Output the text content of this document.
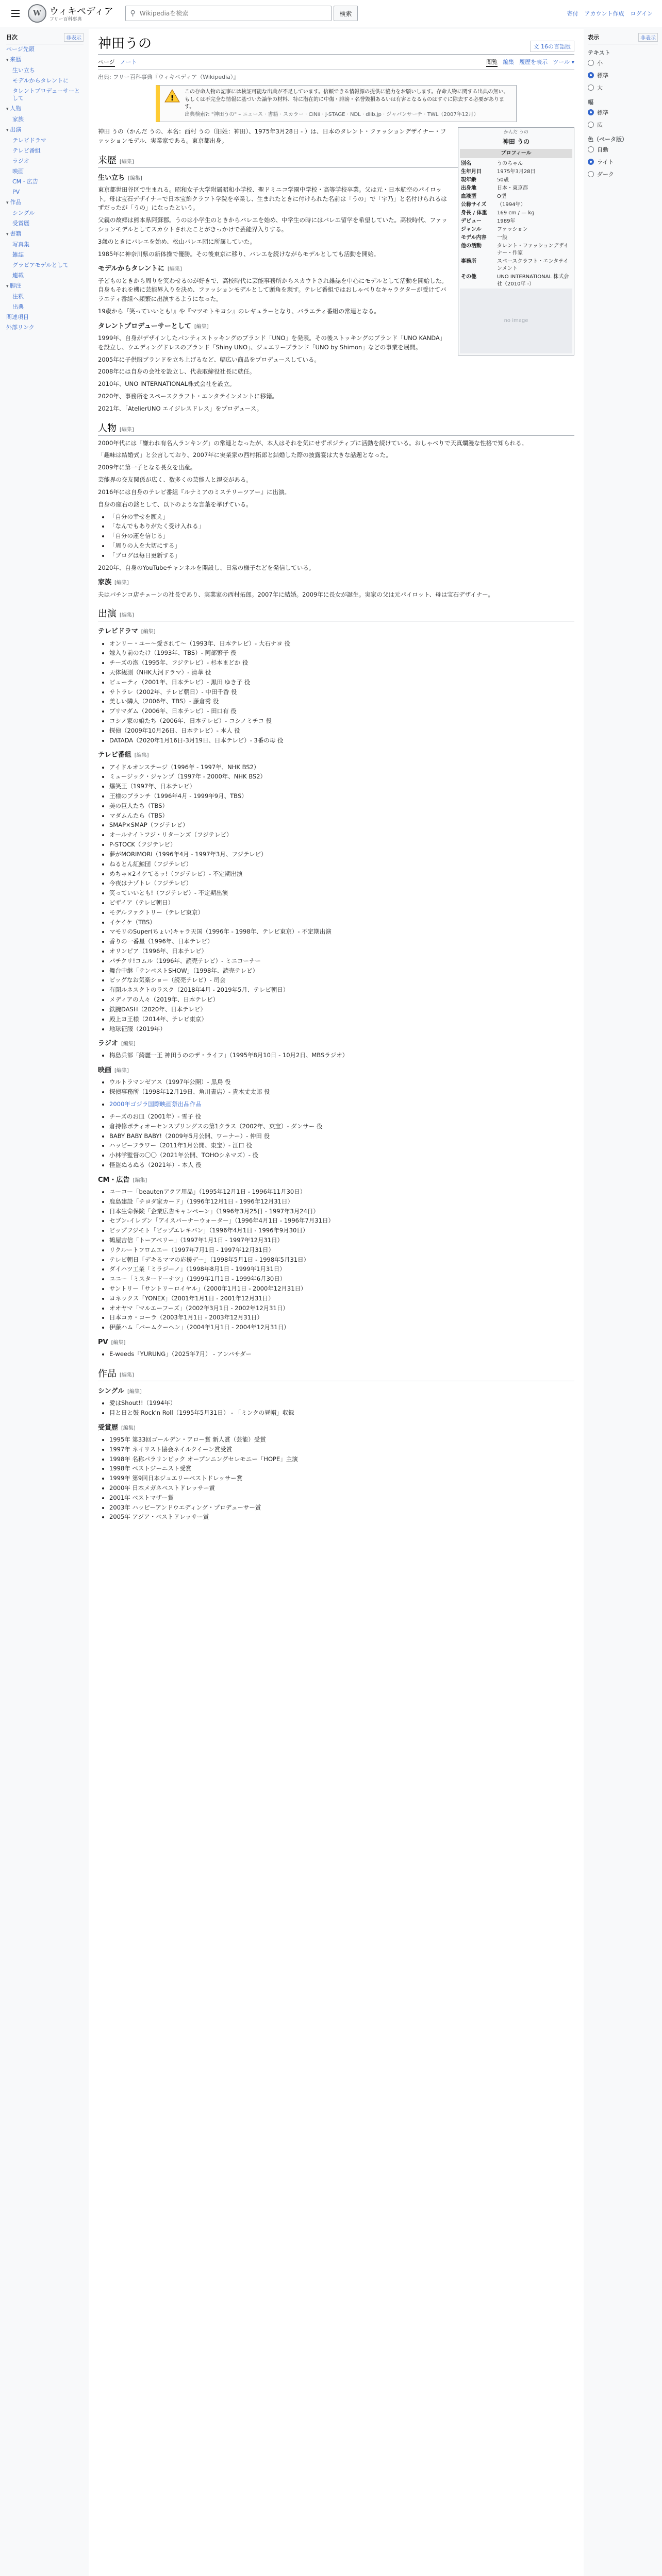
W ウィキペディア
フリー百科事典
⚲
Wikipediaを検索	検索	寄付 アカウント作成 ログイン
目次	非表示
ページ先頭
▾ 来歴
生い立ち
モデルからタレントに
タレントプロデューサーとして
▾ 人物
家族
▾ 出演
テレビドラマ
テレビ番組
ラジオ
映画
CM・広告
PV
▾ 作品
シングル
受賞歴
▾ 書籍
写真集
雑誌
グラビアモデルとして
連載
▾ 脚注
注釈
出典
関連項目
外部リンク
表示	非表示
テキスト
小
標準
大
幅
標準
広
色（ベータ版）
自動
ライト
ダーク
神田うの	文 16の言語版
ページ ノート	閲覧 編集 履歴を表示 ツール ▾
出典: フリー百科事典『ウィキペディア（Wikipedia）』
!
この存命人物の記事には検証可能な出典が不足しています。信頼できる情報源の提供に協力をお願いします。存命人物に関する出典の無い、もしくは不完全な情報に基づいた論争の材料、特に潜在的に中傷・誹謗・名誉毀損あるいは有害となるものはすぐに除去する必要があります。
出典検索?: "神田うの" – ニュース · 書籍 · スカラー · CiNii · J-STAGE · NDL · dlib.jp · ジャパンサーチ · TWL（2007年12月）
かんだ うの
神田 うの
プロフィール
別名	うのちゃん
生年月日	1975年3月28日
現年齢	50歳
出身地	日本・東京都
血液型	O型
公称サイズ	（1994年）
身長 / 体重	169 cm / — kg
デビュー	1989年
ジャンル	ファッション
モデル内容	一般
他の活動	タレント・ファッションデザイナー・作家
事務所	スペースクラフト・エンタテインメント
その他	UNO INTERNATIONAL 株式会社（2010年 -）
no image

神田 うの（かんだ うの、本名：西村 うの（旧姓：神田）、1975年3月28日 - ）は、日本のタレント・ファッションデザイナー・ファッションモデル、実業家である。東京都出身。

来歴 [編集]
生い立ち [編集]

東京都世田谷区で生まれる。昭和女子大学附属昭和小学校、聖ドミニコ学園中学校・高等学校卒業。父は元・日本航空のパイロット。母は宝石デザイナーで日本宝飾クラフト学院を卒業し、生まれたときに付けられた名前は「うの」で「宇乃」と名付けられるはずだったが「うの」になったという。

父親の故郷は熊本県阿蘇郡。うのは小学生のときからバレエを始め、中学生の時にはバレエ留学を希望していた。高校時代、ファッションモデルとしてスカウトされたことがきっかけで芸能界入りする。

3歳のときにバレエを始め、松山バレエ団に所属していた。

1985年に神奈川県の新体操で優勝。その後東京に移り、バレエを続けながらモデルとしても活動を開始。

モデルからタレントに [編集]

子どものときから周りを笑わせるのが好きで、高校時代に芸能事務所からスカウトされ雑誌を中心にモデルとして活動を開始した。自身もそれを機に芸能界入りを決め、ファッションモデルとして頭角を現す。テレビ番組ではおしゃべりなキャラクターが受けてバラエティ番組へ頻繁に出演するようになった。

19歳から『笑っていいとも!』や『マツモトキヨシ』のレギュラーとなり、バラエティ番組の常連となる。

タレントプロデューサーとして [編集]

1999年、自身がデザインしたパンティストッキングのブランド「UNO」を発表。その後ストッキングのブランド「UNO KANDA」を設立し、ウエディングドレスのブランド「Shiny UNO」、ジュエリーブランド「UNO by Shimon」などの事業を展開。

2005年に子供服ブランドを立ち上げるなど、幅広い商品をプロデュースしている。

2008年には自身の会社を設立し、代表取締役社長に就任。

2010年、UNO INTERNATIONAL株式会社を設立。

2020年、事務所をスペースクラフト・エンタテインメントに移籍。

2021年、「AtelierUNO エイジレスドレス」をプロデュース。

人物 [編集]

2000年代には「嫌われ有名人ランキング」の常連となったが、本人はそれを気にせずポジティブに活動を続けている。おしゃべりで天真爛漫な性格で知られる。

「趣味は結婚式」と公言しており、2007年に実業家の西村拓郎と結婚した際の披露宴は大きな話題となった。

2009年に第一子となる長女を出産。

芸能界の交友関係が広く、数多くの芸能人と親交がある。

2016年には自身のテレビ番組『ルナミアのミステリーツアー』に出演。

自身の座右の銘として、以下のような言葉を挙げている。

• 「自分の幸せを願え」
• 「なんでもありがたく受け入れる」
• 「自分の運を信じる」
• 「周りの人を大切にする」
• 「ブログは毎日更新する」

2020年、自身のYouTubeチャンネルを開設し、日常の様子などを発信している。

家族 [編集]

夫はパチンコ店チェーンの社長であり、実業家の西村拓郎。2007年に結婚。2009年に長女が誕生。実家の父は元パイロット、母は宝石デザイナー。

出演 [編集]
テレビドラマ [編集]
• オンリー・ユー〜愛されて〜（1993年、日本テレビ）- 大石ナヨ 役
• 嫁入り前のたけ（1993年、TBS）- 阿部繁子 役
• チーズの泡（1995年、フジテレビ）- 杉本まどか 役
• 天体観測（NHK大河ドラマ）- 清華 役
• ビューティ（2001年、日本テレビ）- 黒田 ゆき子 役
• サトラレ（2002年、テレビ朝日）- 中田千香 役
• 美しい隣人（2006年、TBS）- 藤倉秀 役
• プリマダム（2006年、日本テレビ）- 田口有 役
• コシノ家の娘たち（2006年、日本テレビ）- コシノミチコ 役
• 探偵（2009年10月26日、日本テレビ）- 本人 役
• DATADA（2020年1月16日-3月19日、日本テレビ）- 3番の母 役
テレビ番組 [編集]
• アイドルオンステージ（1996年 - 1997年、NHK BS2）
• ミュージック・ジャンプ（1997年 - 2000年、NHK BS2）
• 爆笑王（1997年、日本テレビ）
• 王様のブランチ（1996年4月 - 1999年9月、TBS）
• 美の巨人たち（TBS）
• マダムんたら（TBS）
• SMAP×SMAP（フジテレビ）
• オールナイトフジ・リターンズ（フジテレビ）
• P-STOCK（フジテレビ）
• 夢がMORIMORI（1996年4月 - 1997年3月、フジテレビ）
• ねるとん紅鯨団（フジテレビ）
• めちゃ×2イケてるッ!（フジテレビ）- 不定期出演
• 今夜はナゾトレ（フジテレビ）
• 笑っていいとも!（フジテレビ）- 不定期出演
• ビザイア（テレビ朝日）
• モデルファクトリー（テレビ東京）
• イケイケ（TBS）
• マモリのSuper(ちょい)キャラ天国（1996年 - 1998年、テレビ東京）- 不定期出演
• 香りの一番星（1996年、日本テレビ）
• オリンピア（1996年、日本テレビ）
• パチクリ!コムル（1996年、読売テレビ）- ミニコーナー
• 舞台中継「テンペストSHOW」（1998年、読売テレビ）
• ビッグなお気楽ショー（読売テレビ）- 司会
• 有閑ルネスクトのラスク（2018年4月 - 2019年5月、テレビ朝日）
• メディアの人々（2019年、日本テレビ）
• 鉄腕DASH（2020年、日本テレビ）
• 殿上ヨ王様（2014年、テレビ東京）
• 地球征服（2019年）
ラジオ [編集]
• 梅島兵部「綺麗一王 神田うののザ・ライフ」（1995年8月10日 - 10月2日、MBSラジオ）
映画 [編集]
• ウルトラマンゼアス（1997年公開）- 黒鳥 役
• 探偵事務所（1998年12月19日、角川書店）- 貴木丈太郎 役
• 2000年ゴジラ国際映画祭出品作品
• チーズのお皿（2001年）- 雪子 役
• 倉持修ボティオーセンスプリングスの第1クラス（2002年、東宝）- ダンサー 役
• BABY BABY BABY!（2009年5月公開、ワーナー）- 仲田 役
• ハッピーフラワー（2011年1月公開、東宝）- 江口 役
• 小林学監督の〇〇（2021年公開、TOHOシネマズ）- 役
• 怪盗ぬるぬる（2021年）- 本人 役
CM・広告 [編集]
• ユーコー「beautenアクア用品」（1995年12月1日 - 1996年11月30日）
• 鹿島建設「チヨダ家カード」（1996年12月1日 - 1996年12月31日）
• 日本生命保険「企業広告キャンペーン」（1996年3月25日 - 1997年3月24日）
• セブン-イレブン「アイスバーナーウォーター」（1996年4月1日 - 1996年7月31日）
• ピップフジモト「ピップエレキバン」（1996年4月1日 - 1996年9月30日）
• 鶴屋吉信「トーアベリー」（1997年1月1日 - 1997年12月31日）
• リクルートフロムエー（1997年7月1日 - 1997年12月31日）
• テレビ朝日「デキるママの応援デー」（1998年5月1日 - 1998年5月31日）
• ダイハツ工業「ミラジーノ」（1998年8月1日 - 1999年1月31日）
• ユニー「ミスタードーナツ」（1999年1月1日 - 1999年6月30日）
• サントリー「サントリーロイヤル」（2000年1月1日 - 2000年12月31日）
• ヨネックス「YONEX」（2001年1月1日 - 2001年12月31日）
• オオヤマ「マルエーフーズ」（2002年3月1日 - 2002年12月31日）
• 日本コカ・コーラ（2003年1月1日 - 2003年12月31日）
• 伊藤ハム「バームクーヘン」（2004年1月1日 - 2004年12月31日）
PV [編集]
• E-weeds「YURUNG」（2025年7月） - アンバサダー
作品 [編集]
シングル [編集]
• 愛はShout!!（1994年）
• 目と日と鼓 Rock'n Roll（1995年5月31日） - 「ミンクの昼帽」収録
受賞歴 [編集]
• 1995年 第33回ゴールデン・アロー賞 新人賞（芸能）受賞
• 1997年 ネイリスト協会ネイルクイーン賞受賞
• 1998年 名称パラリンピック オープンニングセレモニー「HOPE」主演
• 1998年 ベストジーニスト受賞
• 1999年 第9回日本ジュエリーベストドレッサー賞
• 2000年 日本メガネベストドレッサー賞
• 2001年 ベストマザー賞
• 2003年 ハッピーアンドウエディング・プロデューサー賞
• 2005年 アジア・ベストドレッサー賞
